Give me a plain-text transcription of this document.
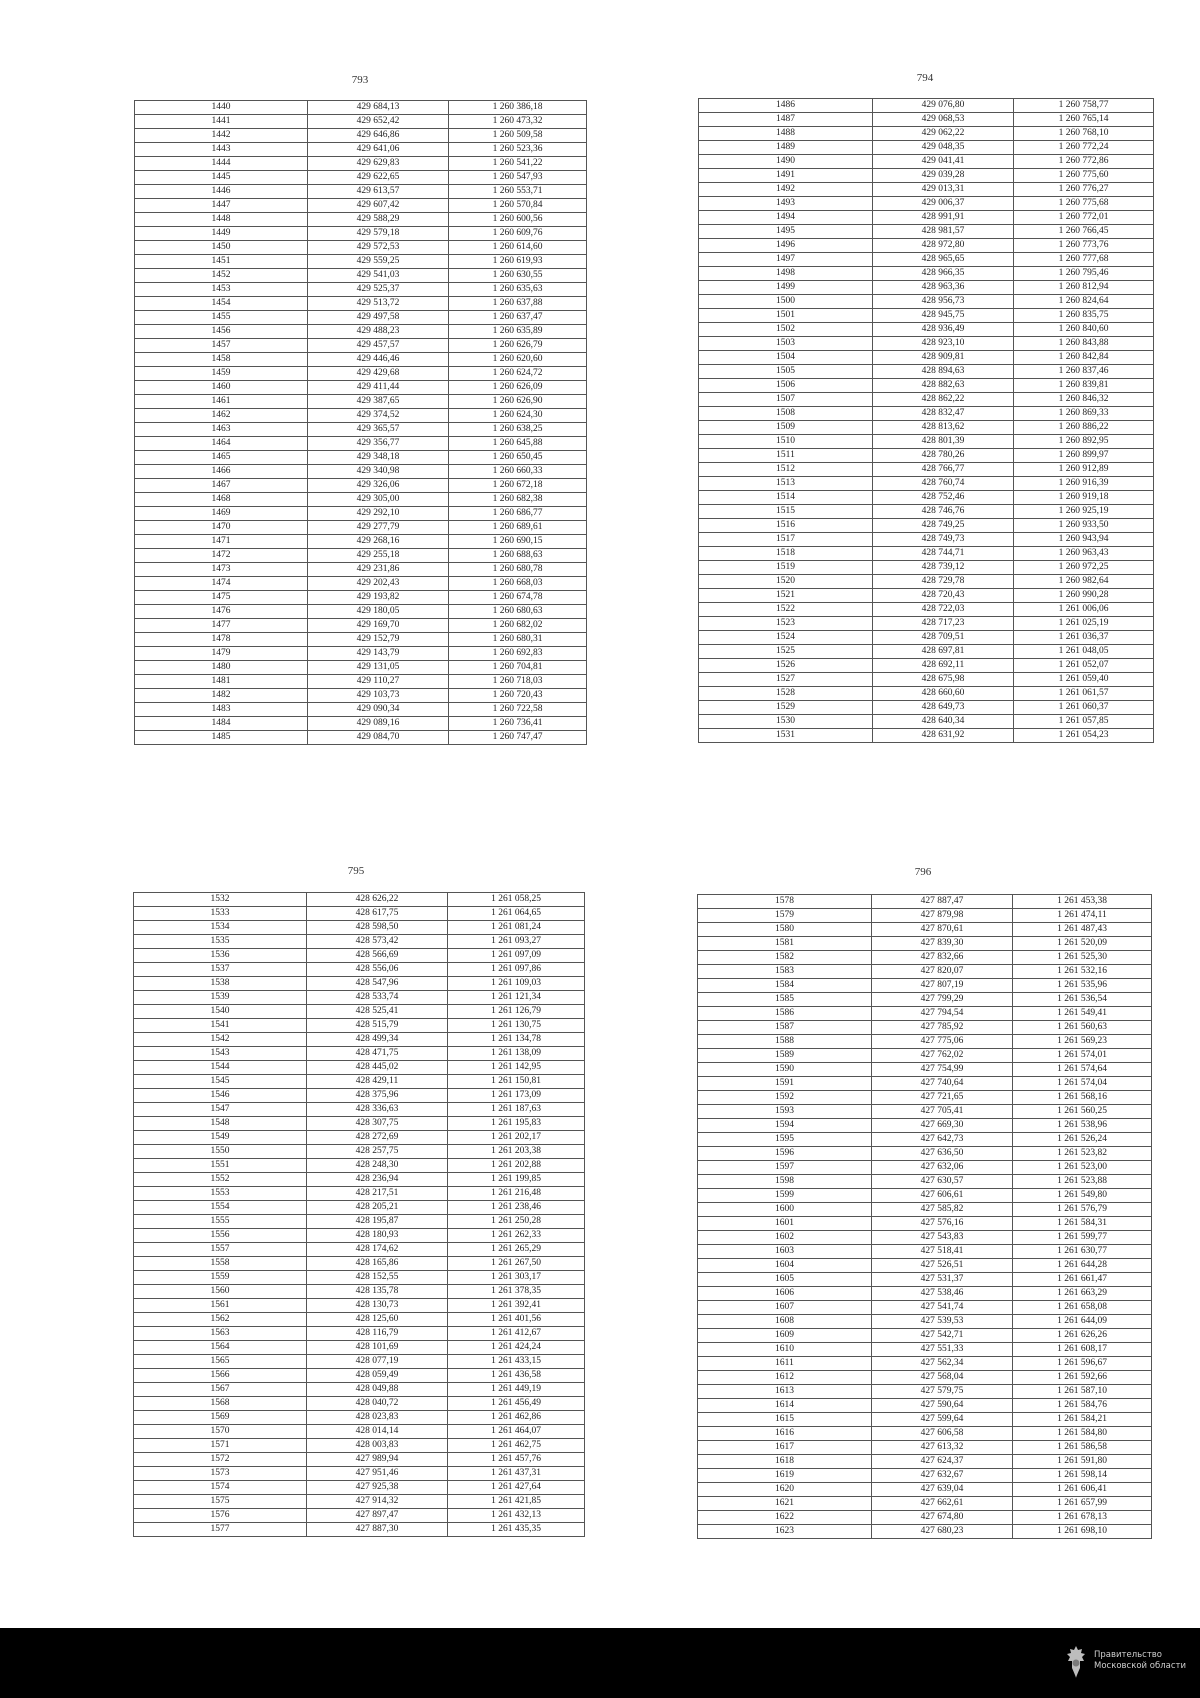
793	794
795	796
1440	429 684,13	1 260 386,18
1441	429 652,42	1 260 473,32
1442	429 646,86	1 260 509,58
1443	429 641,06	1 260 523,36
1444	429 629,83	1 260 541,22
1445	429 622,65	1 260 547,93
1446	429 613,57	1 260 553,71
1447	429 607,42	1 260 570,84
1448	429 588,29	1 260 600,56
1449	429 579,18	1 260 609,76
1450	429 572,53	1 260 614,60
1451	429 559,25	1 260 619,93
1452	429 541,03	1 260 630,55
1453	429 525,37	1 260 635,63
1454	429 513,72	1 260 637,88
1455	429 497,58	1 260 637,47
1456	429 488,23	1 260 635,89
1457	429 457,57	1 260 626,79
1458	429 446,46	1 260 620,60
1459	429 429,68	1 260 624,72
1460	429 411,44	1 260 626,09
1461	429 387,65	1 260 626,90
1462	429 374,52	1 260 624,30
1463	429 365,57	1 260 638,25
1464	429 356,77	1 260 645,88
1465	429 348,18	1 260 650,45
1466	429 340,98	1 260 660,33
1467	429 326,06	1 260 672,18
1468	429 305,00	1 260 682,38
1469	429 292,10	1 260 686,77
1470	429 277,79	1 260 689,61
1471	429 268,16	1 260 690,15
1472	429 255,18	1 260 688,63
1473	429 231,86	1 260 680,78
1474	429 202,43	1 260 668,03
1475	429 193,82	1 260 674,78
1476	429 180,05	1 260 680,63
1477	429 169,70	1 260 682,02
1478	429 152,79	1 260 680,31
1479	429 143,79	1 260 692,83
1480	429 131,05	1 260 704,81
1481	429 110,27	1 260 718,03
1482	429 103,73	1 260 720,43
1483	429 090,34	1 260 722,58
1484	429 089,16	1 260 736,41
1485	429 084,70	1 260 747,47
1486	429 076,80	1 260 758,77
1487	429 068,53	1 260 765,14
1488	429 062,22	1 260 768,10
1489	429 048,35	1 260 772,24
1490	429 041,41	1 260 772,86
1491	429 039,28	1 260 775,60
1492	429 013,31	1 260 776,27
1493	429 006,37	1 260 775,68
1494	428 991,91	1 260 772,01
1495	428 981,57	1 260 766,45
1496	428 972,80	1 260 773,76
1497	428 965,65	1 260 777,68
1498	428 966,35	1 260 795,46
1499	428 963,36	1 260 812,94
1500	428 956,73	1 260 824,64
1501	428 945,75	1 260 835,75
1502	428 936,49	1 260 840,60
1503	428 923,10	1 260 843,88
1504	428 909,81	1 260 842,84
1505	428 894,63	1 260 837,46
1506	428 882,63	1 260 839,81
1507	428 862,22	1 260 846,32
1508	428 832,47	1 260 869,33
1509	428 813,62	1 260 886,22
1510	428 801,39	1 260 892,95
1511	428 780,26	1 260 899,97
1512	428 766,77	1 260 912,89
1513	428 760,74	1 260 916,39
1514	428 752,46	1 260 919,18
1515	428 746,76	1 260 925,19
1516	428 749,25	1 260 933,50
1517	428 749,73	1 260 943,94
1518	428 744,71	1 260 963,43
1519	428 739,12	1 260 972,25
1520	428 729,78	1 260 982,64
1521	428 720,43	1 260 990,28
1522	428 722,03	1 261 006,06
1523	428 717,23	1 261 025,19
1524	428 709,51	1 261 036,37
1525	428 697,81	1 261 048,05
1526	428 692,11	1 261 052,07
1527	428 675,98	1 261 059,40
1528	428 660,60	1 261 061,57
1529	428 649,73	1 261 060,37
1530	428 640,34	1 261 057,85
1531	428 631,92	1 261 054,23
1532	428 626,22	1 261 058,25
1533	428 617,75	1 261 064,65
1534	428 598,50	1 261 081,24
1535	428 573,42	1 261 093,27
1536	428 566,69	1 261 097,09
1537	428 556,06	1 261 097,86
1538	428 547,96	1 261 109,03
1539	428 533,74	1 261 121,34
1540	428 525,41	1 261 126,79
1541	428 515,79	1 261 130,75
1542	428 499,34	1 261 134,78
1543	428 471,75	1 261 138,09
1544	428 445,02	1 261 142,95
1545	428 429,11	1 261 150,81
1546	428 375,96	1 261 173,09
1547	428 336,63	1 261 187,63
1548	428 307,75	1 261 195,83
1549	428 272,69	1 261 202,17
1550	428 257,75	1 261 203,38
1551	428 248,30	1 261 202,88
1552	428 236,94	1 261 199,85
1553	428 217,51	1 261 216,48
1554	428 205,21	1 261 238,46
1555	428 195,87	1 261 250,28
1556	428 180,93	1 261 262,33
1557	428 174,62	1 261 265,29
1558	428 165,86	1 261 267,50
1559	428 152,55	1 261 303,17
1560	428 135,78	1 261 378,35
1561	428 130,73	1 261 392,41
1562	428 125,60	1 261 401,56
1563	428 116,79	1 261 412,67
1564	428 101,69	1 261 424,24
1565	428 077,19	1 261 433,15
1566	428 059,49	1 261 436,58
1567	428 049,88	1 261 449,19
1568	428 040,72	1 261 456,49
1569	428 023,83	1 261 462,86
1570	428 014,14	1 261 464,07
1571	428 003,83	1 261 462,75
1572	427 989,94	1 261 457,76
1573	427 951,46	1 261 437,31
1574	427 925,38	1 261 427,64
1575	427 914,32	1 261 421,85
1576	427 897,47	1 261 432,13
1577	427 887,30	1 261 435,35
1578	427 887,47	1 261 453,38
1579	427 879,98	1 261 474,11
1580	427 870,61	1 261 487,43
1581	427 839,30	1 261 520,09
1582	427 832,66	1 261 525,30
1583	427 820,07	1 261 532,16
1584	427 807,19	1 261 535,96
1585	427 799,29	1 261 536,54
1586	427 794,54	1 261 549,41
1587	427 785,92	1 261 560,63
1588	427 775,06	1 261 569,23
1589	427 762,02	1 261 574,01
1590	427 754,99	1 261 574,64
1591	427 740,64	1 261 574,04
1592	427 721,65	1 261 568,16
1593	427 705,41	1 261 560,25
1594	427 669,30	1 261 538,96
1595	427 642,73	1 261 526,24
1596	427 636,50	1 261 523,82
1597	427 632,06	1 261 523,00
1598	427 630,57	1 261 523,88
1599	427 606,61	1 261 549,80
1600	427 585,82	1 261 576,79
1601	427 576,16	1 261 584,31
1602	427 543,83	1 261 599,77
1603	427 518,41	1 261 630,77
1604	427 526,51	1 261 644,28
1605	427 531,37	1 261 661,47
1606	427 538,46	1 261 663,29
1607	427 541,74	1 261 658,08
1608	427 539,53	1 261 644,09
1609	427 542,71	1 261 626,26
1610	427 551,33	1 261 608,17
1611	427 562,34	1 261 596,67
1612	427 568,04	1 261 592,66
1613	427 579,75	1 261 587,10
1614	427 590,64	1 261 584,76
1615	427 599,64	1 261 584,21
1616	427 606,58	1 261 584,80
1617	427 613,32	1 261 586,58
1618	427 624,37	1 261 591,80
1619	427 632,67	1 261 598,14
1620	427 639,04	1 261 606,41
1621	427 662,61	1 261 657,99
1622	427 674,80	1 261 678,13
1623	427 680,23	1 261 698,10
Правительство
Московской области
